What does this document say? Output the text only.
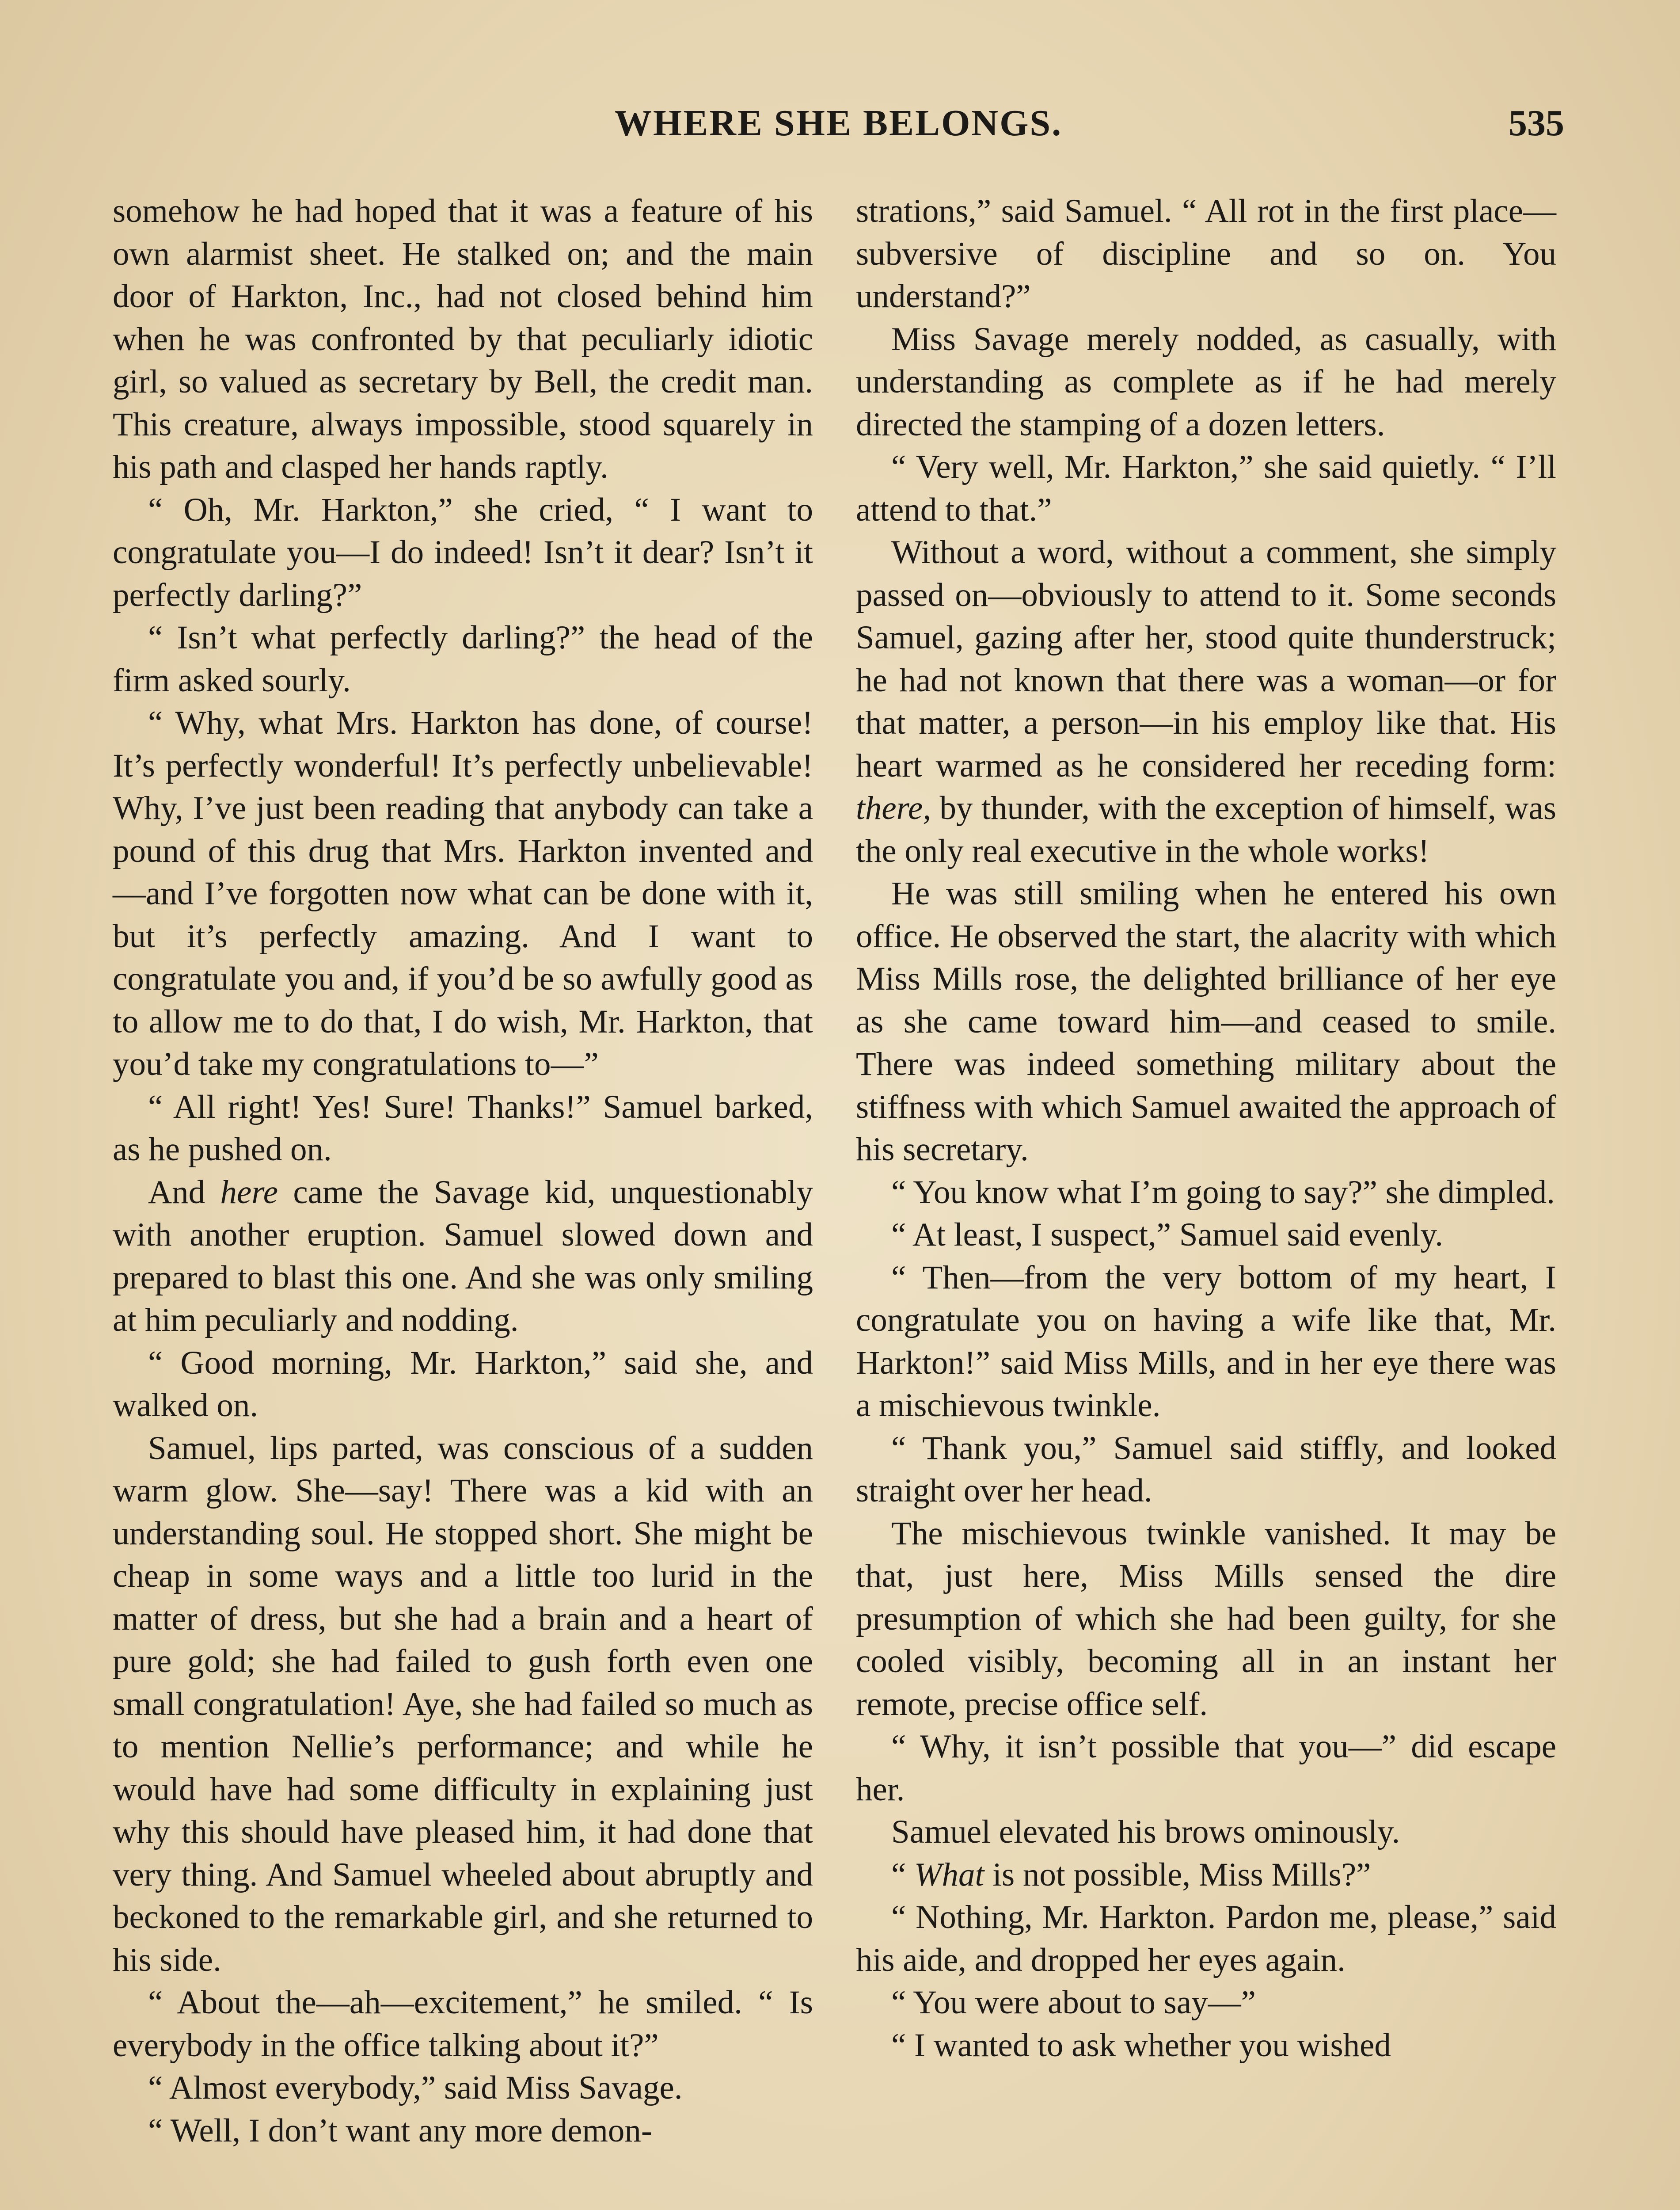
WHERE SHE BELONGS.	535

somehow he had hoped that it was a feature of his own alarmist sheet. He stalked on; and the main door of Harkton, Inc., had not closed behind him when he was confronted by that peculiarly idiotic girl, so valued as secretary by Bell, the credit man. This creature, always impossible, stood squarely in his path and clasped her hands raptly.

“ Oh, Mr. Harkton,” she cried, “ I want to congratulate you—I do indeed! Isn’t it dear? Isn’t it perfectly darling?”

“ Isn’t what perfectly darling?” the head of the firm asked sourly.

“ Why, what Mrs. Harkton has done, of course! It’s perfectly wonderful! It’s perfectly unbelievable! Why, I’ve just been reading that anybody can take a pound of this drug that Mrs. Harkton invented and —and I’ve forgotten now what can be done with it, but it’s perfectly amazing. And I want to congratulate you and, if you’d be so awfully good as to allow me to do that, I do wish, Mr. Harkton, that you’d take my congratulations to—”

“ All right! Yes! Sure! Thanks!” Samuel barked, as he pushed on.

And here came the Savage kid, unquestionably with another eruption. Samuel slowed down and prepared to blast this one. And she was only smiling at him peculiarly and nodding.

“ Good morning, Mr. Harkton,” said she, and walked on.

Samuel, lips parted, was conscious of a sudden warm glow. She—say! There was a kid with an understanding soul. He stopped short. She might be cheap in some ways and a little too lurid in the matter of dress, but she had a brain and a heart of pure gold; she had failed to gush forth even one small congratulation! Aye, she had failed so much as to mention Nellie’s performance; and while he would have had some difficulty in explaining just why this should have pleased him, it had done that very thing. And Samuel wheeled about abruptly and beckoned to the remarkable girl, and she returned to his side.

“ About the—ah—excitement,” he smiled. “ Is everybody in the office talking about it?”

“ Almost everybody,” said Miss Savage.

“ Well, I don’t want any more demon-

strations,” said Samuel. “ All rot in the first place—subversive of discipline and so on. You understand?”

Miss Savage merely nodded, as casually, with understanding as complete as if he had merely directed the stamping of a dozen letters.

“ Very well, Mr. Harkton,” she said quietly. “ I’ll attend to that.”

Without a word, without a comment, she simply passed on—obviously to attend to it. Some seconds Samuel, gazing after her, stood quite thunderstruck; he had not known that there was a woman—or for that matter, a person—in his employ like that. His heart warmed as he considered her receding form: there, by thunder, with the exception of himself, was the only real executive in the whole works!

He was still smiling when he entered his own office. He observed the start, the alacrity with which Miss Mills rose, the delighted brilliance of her eye as she came toward him—and ceased to smile. There was indeed something military about the stiffness with which Samuel awaited the approach of his secretary.

“ You know what I’m going to say?” she dimpled.

“ At least, I suspect,” Samuel said evenly.

“ Then—from the very bottom of my heart, I congratulate you on having a wife like that, Mr. Harkton!” said Miss Mills, and in her eye there was a mischievous twinkle.

“ Thank you,” Samuel said stiffly, and looked straight over her head.

The mischievous twinkle vanished. It may be that, just here, Miss Mills sensed the dire presumption of which she had been guilty, for she cooled visibly, becoming all in an instant her remote, precise office self.

“ Why, it isn’t possible that you—” did escape her.

Samuel elevated his brows ominously.

“ What is not possible, Miss Mills?”

“ Nothing, Mr. Harkton. Pardon me, please,” said his aide, and dropped her eyes again.

“ You were about to say—”

“ I wanted to ask whether you wished
